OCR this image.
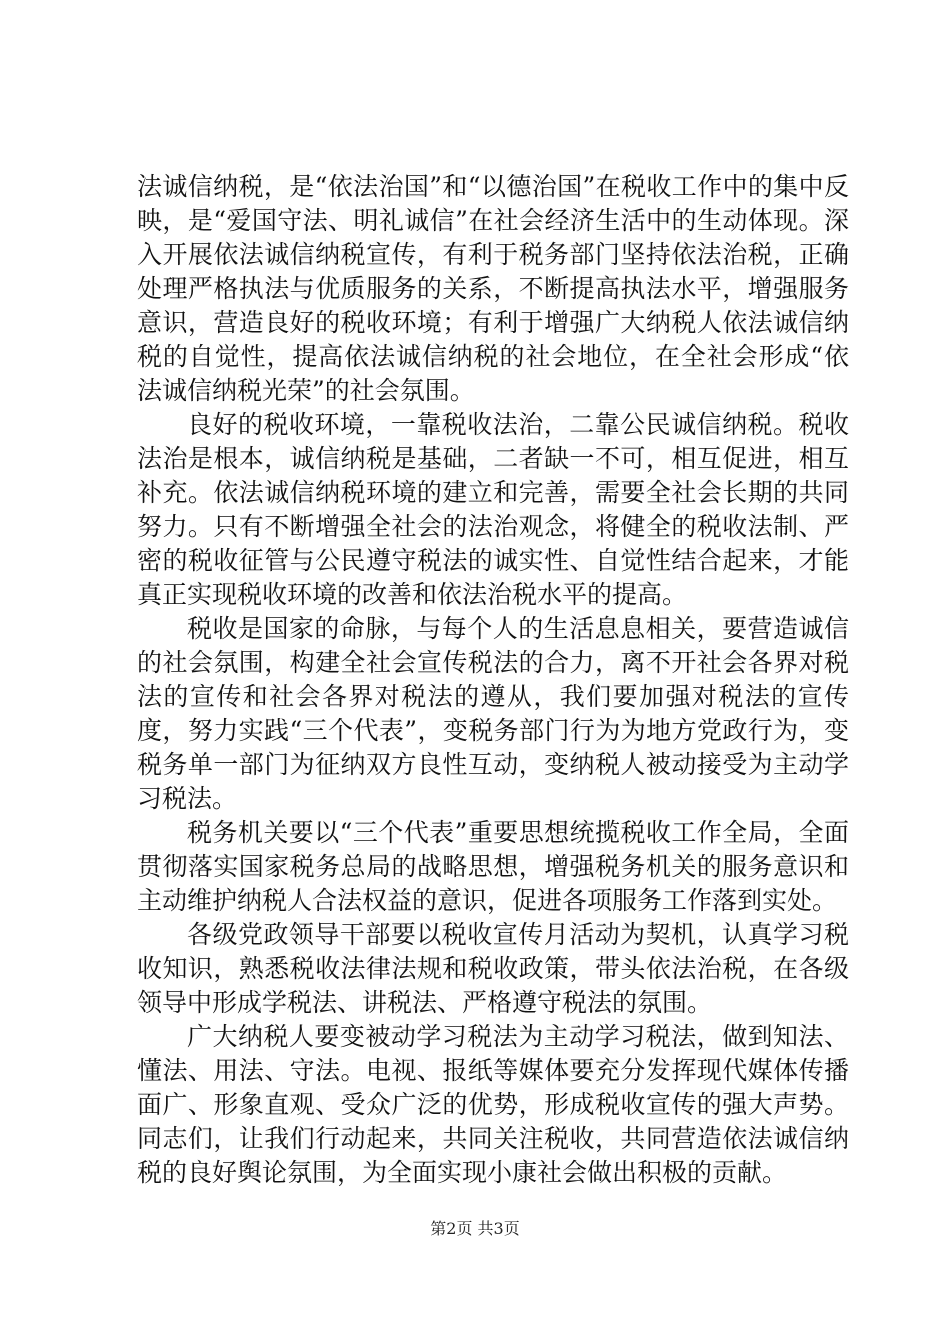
法诚信纳税，是“依法治国”和“以德治国”在税收工作中的集中反映，是“爱国守法、明礼诚信”在社会经济生活中的生动体现。深入开展依法诚信纳税宣传，有利于税务部门坚持依法治税，正确处理严格执法与优质服务的关系，不断提高执法水平，增强服务意识，营造良好的税收环境；有利于增强广大纳税人依法诚信纳税的自觉性，提高依法诚信纳税的社会地位，在全社会形成“依法诚信纳税光荣”的社会氛围。

良好的税收环境，一靠税收法治，二靠公民诚信纳税。税收法治是根本，诚信纳税是基础，二者缺一不可，相互促进，相互补充。依法诚信纳税环境的建立和完善，需要全社会长期的共同努力。只有不断增强全社会的法治观念，将健全的税收法制、严密的税收征管与公民遵守税法的诚实性、自觉性结合起来，才能真正实现税收环境的改善和依法治税水平的提高。

税收是国家的命脉，与每个人的生活息息相关，要营造诚信的社会氛围，构建全社会宣传税法的合力，离不开社会各界对税法的宣传和社会各界对税法的遵从，我们要加强对税法的宣传度，努力实践“三个代表”，变税务部门行为为地方党政行为，变税务单一部门为征纳双方良性互动，变纳税人被动接受为主动学习税法。

税务机关要以“三个代表”重要思想统揽税收工作全局，全面贯彻落实国家税务总局的战略思想，增强税务机关的服务意识和主动维护纳税人合法权益的意识，促进各项服务工作落到实处。

各级党政领导干部要以税收宣传月活动为契机，认真学习税收知识，熟悉税收法律法规和税收政策，带头依法治税，在各级领导中形成学税法、讲税法、严格遵守税法的氛围。

广大纳税人要变被动学习税法为主动学习税法，做到知法、懂法、用法、守法。电视、报纸等媒体要充分发挥现代媒体传播面广、形象直观、受众广泛的优势，形成税收宣传的强大声势。同志们，让我们行动起来，共同关注税收，共同营造依法诚信纳税的良好舆论氛围，为全面实现小康社会做出积极的贡献。

第2页 共3页
